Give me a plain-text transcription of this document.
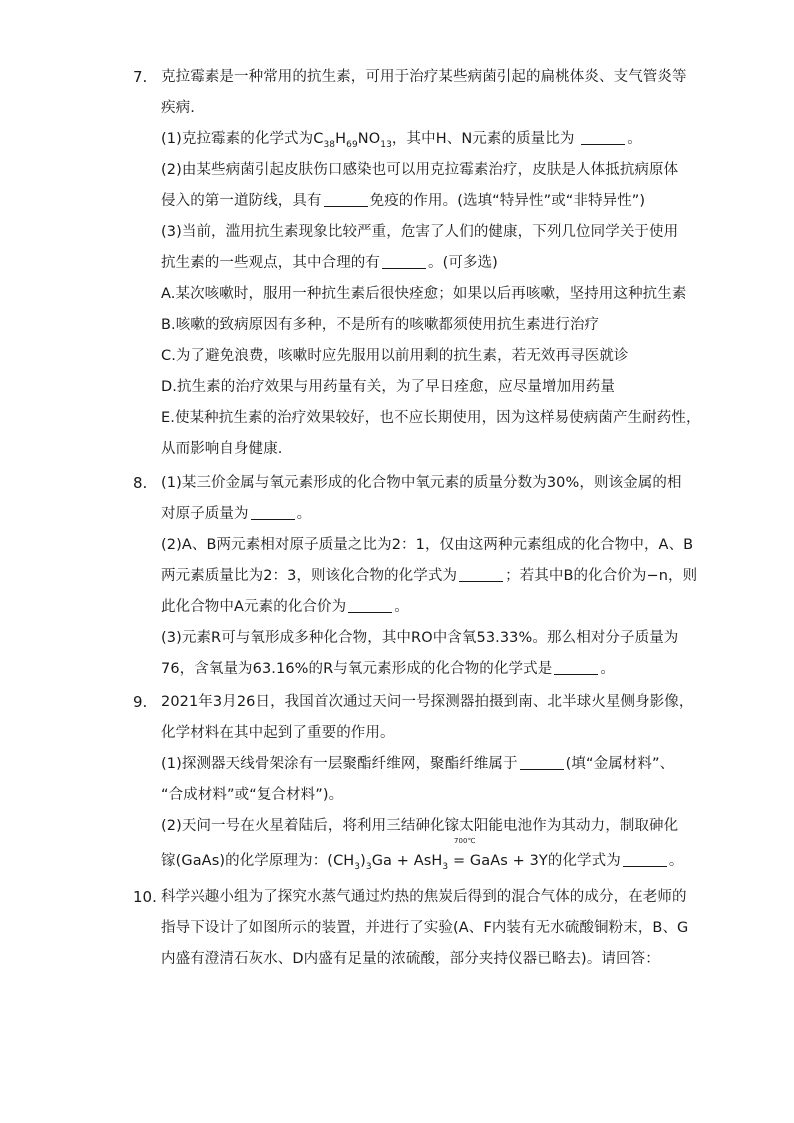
7. 克拉霉素是一种常用的抗生素，可用于治疗某些病菌引起的扁桃体炎、支气管炎等
疾病.
(1)克拉霉素的化学式为$C_{38}H_{69}NO_{13}$，其中H、N元素的质量比为	。
(2)由某些病菌引起皮肤伤口感染也可以用克拉霉素治疗，皮肤是人体抵抗病原体
侵入的第一道防线，具有	免疫的作用。(选填“特异性”或“非特异性”)
(3)当前，滥用抗生素现象比较严重，危害了人们的健康，下列几位同学关于使用
抗生素的一些观点，其中合理的有	。(可多选)
A.某次咳嗽时，服用一种抗生素后很快痊愈；如果以后再咳嗽，坚持用这种抗生素
B.咳嗽的致病原因有多种，不是所有的咳嗽都须使用抗生素进行治疗
C.为了避免浪费，咳嗽时应先服用以前用剩的抗生素，若无效再寻医就诊
D.抗生素的治疗效果与用药量有关，为了早日痊愈，应尽量增加用药量
E.使某种抗生素的治疗效果较好，也不应长期使用，因为这样易使病菌产生耐药性，
从而影响自身健康.
8. (1)某三价金属与氧元素形成的化合物中氧元素的质量分数为30%，则该金属的相
对原子质量为	。
(2)A、B两元素相对原子质量之比为2：1，仅由这两种元素组成的化合物中，A、B
两元素质量比为2：3，则该化合物的化学式为	；若其中B的化合价为−n，则
此化合物中A元素的化合价为	。
(3)元素R可与氧形成多种化合物，其中RO中含氧53.33%。那么相对分子质量为
76，含氧量为63.16%的R与氧元素形成的化合物的化学式是	。
9. 2021年3月26日，我国首次通过天问一号探测器拍摄到南、北半球火星侧身影像，
化学材料在其中起到了重要的作用。
(1)探测器天线骨架涂有一层聚酯纤维网，聚酯纤维属于	(填“金属材料”、
“合成材料”或“复合材料”)。
(2)天问一号在火星着陆后，将利用三结砷化镓太阳能电池作为其动力，制取砷化
镓(GaAs)的化学原理为：$(CH_3)_3Ga + AsH_3$
700℃
= GaAs + 3Y的化学式为	。
10. 科学兴趣小组为了探究水蒸气通过灼热的焦炭后得到的混合气体的成分，在老师的
指导下设计了如图所示的装置，并进行了实验(A、F内装有无水硫酸铜粉末，B、G
内盛有澄清石灰水、D内盛有足量的浓硫酸，部分夹持仪器已略去)。请回答：
